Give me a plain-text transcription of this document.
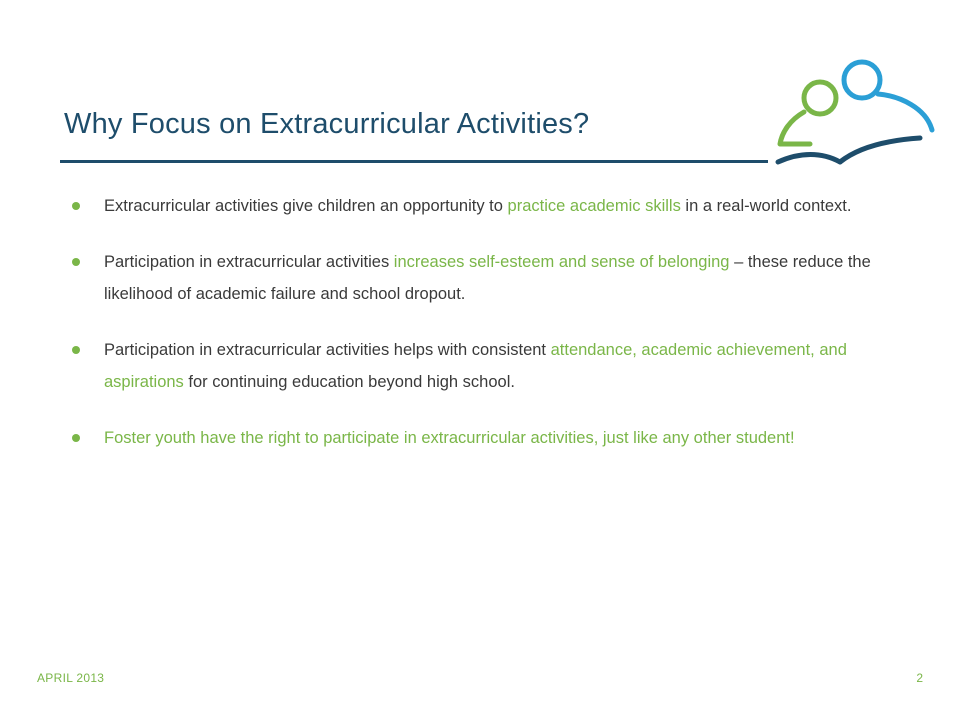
Why Focus on Extracurricular Activities?
Extracurricular activities give children an opportunity to practice academic skills in a real-world context.
Participation in extracurricular activities increases self-esteem and sense of belonging – these reduce the likelihood of academic failure and school dropout.
Participation in extracurricular activities helps with consistent attendance, academic achievement, and aspirations for continuing education beyond high school.
Foster youth have the right to participate in extracurricular activities, just like any other student!
APRIL 2013	2
